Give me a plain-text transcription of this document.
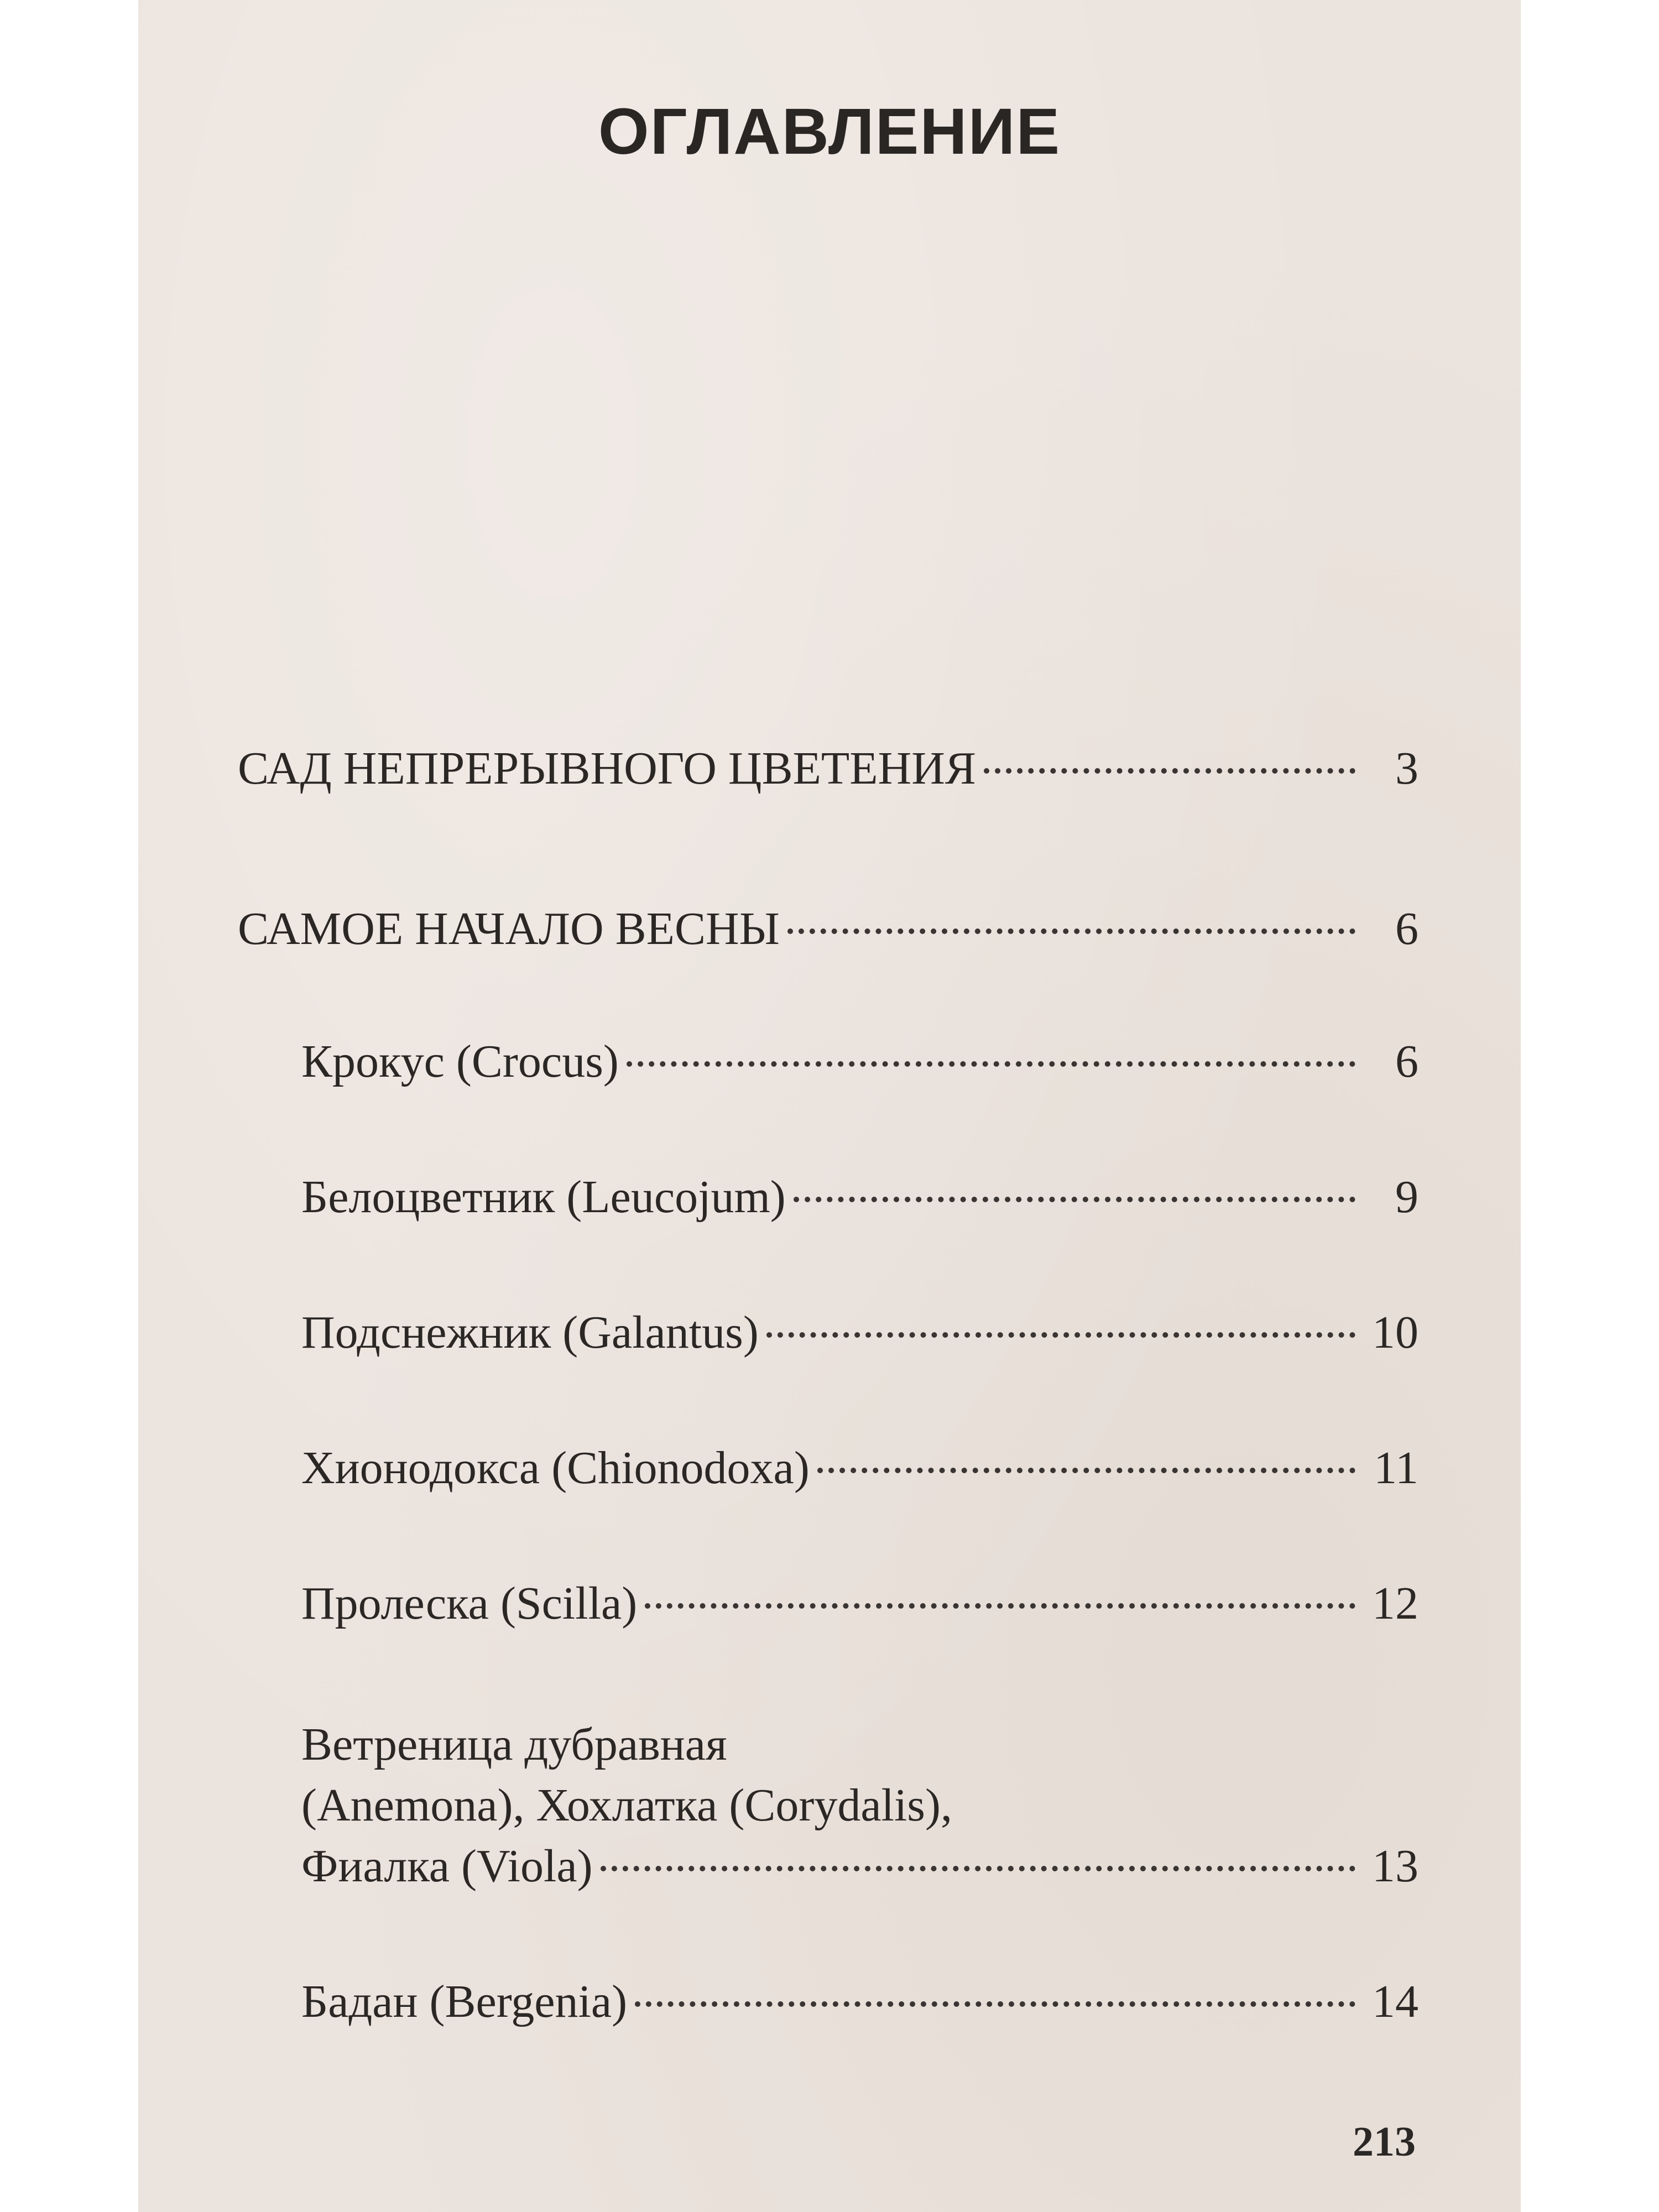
ОГЛАВЛЕНИЕ
САД НЕПРЕРЫВНОГО ЦВЕТЕНИЯ	3
САМОЕ НАЧАЛО ВЕСНЫ	6
Крокус (Crocus)	6
Белоцветник (Leucojum)	9
Подснежник (Galantus)	10
Хионодокса (Chionodoxa)	11
Пролеска (Scilla)	12
Ветреница дубравная
(Anemona), Хохлатка (Corydalis),
Фиалка (Viola)	13
Бадан (Bergenia)	14
213
